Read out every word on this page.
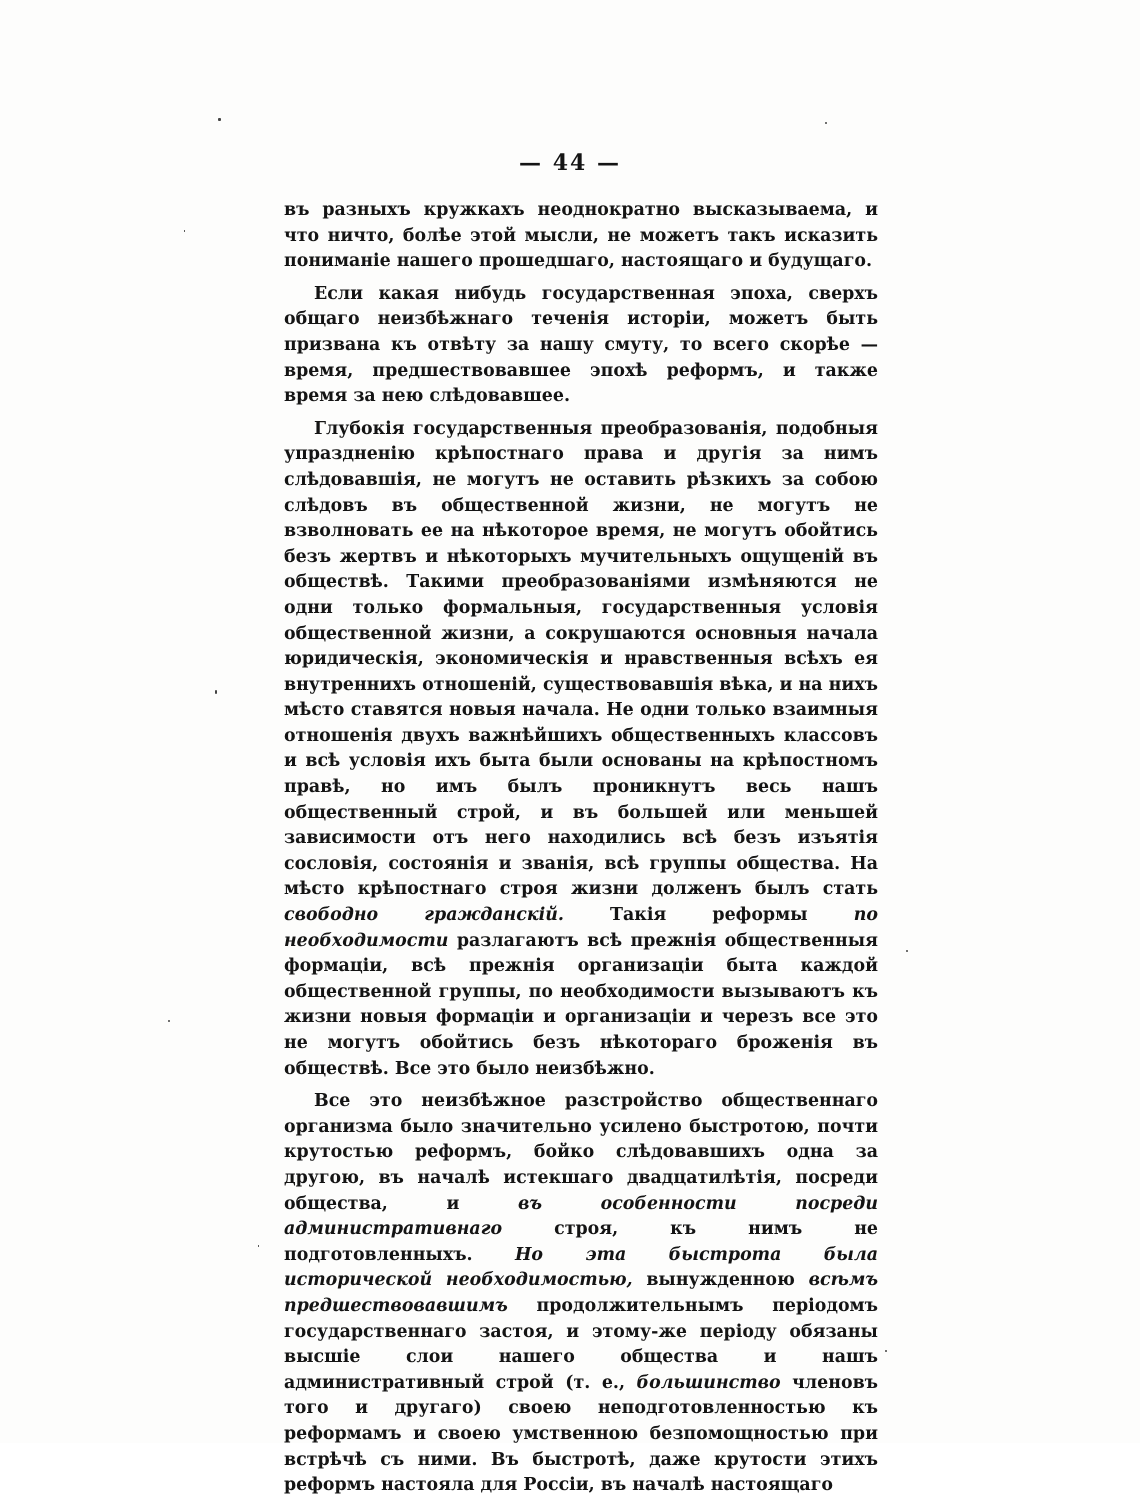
— 44 —

въ разныхъ кружкахъ неоднократно высказываема, и что ничто, болѣе этой мысли, не можетъ такъ исказить пониманіе нашего прошедшаго, настоящаго и будущаго.

Если какая нибудь государственная эпоха, сверхъ общаго неизбѣжнаго теченія исторіи, можетъ быть призвана къ отвѣту за нашу смуту, то всего скорѣе — время, предшествовавшее эпохѣ реформъ, и также время за нею слѣдовавшее.

Глубокія государственныя преобразованія, подобныя упраздненію крѣпостнаго права и другія за нимъ слѣдовавшія, не могутъ не оставить рѣзкихъ за собою слѣдовъ въ общественной жизни, не могутъ не взволновать ее на нѣкоторое время, не могутъ обойтись безъ жертвъ и нѣкоторыхъ мучительныхъ ощущеній въ обществѣ. Такими преобразованіями измѣняются не одни только формальныя, государственныя условія общественной жизни, а сокрушаются основныя начала юридическія, экономическія и нравственныя всѣхъ ея внутреннихъ отношеній, существовавшія вѣка, и на нихъ мѣсто ставятся новыя начала. Не одни только взаимныя отношенія двухъ важнѣйшихъ общественныхъ классовъ и всѣ условія ихъ быта были основаны на крѣпостномъ правѣ, но имъ былъ проникнутъ весь нашъ общественный строй, и въ большей или меньшей зависимости отъ него находились всѣ безъ изъятія сословія, состоянія и званія, всѣ группы общества. На мѣсто крѣпостнаго строя жизни долженъ былъ стать свободно гражданскій. Такія реформы по необходимости разлагаютъ всѣ прежнія общественныя формаціи, всѣ прежнія организаціи быта каждой общественной группы, по необходимости вызываютъ къ жизни новыя формаціи и организаціи и черезъ все это не могутъ обойтись безъ нѣкотораго броженія въ обществѣ. Все это было неизбѣжно.

Все это неизбѣжное разстройство общественнаго организма было значительно усилено быстротою, почти крутостью реформъ, бойко слѣдовавшихъ одна за другою, въ началѣ истекшаго двадцатилѣтія, посреди общества, и въ особенности посреди административнаго строя, къ нимъ не подготовленныхъ. Но эта быстрота была исторической необходимостью, вынужденною всѣмъ предшествовавшимъ продолжительнымъ періодомъ государственнаго застоя, и этому-же періоду обязаны высшіе слои нашего общества и нашъ административный строй (т. е., большинство членовъ того и другаго) своею неподготовленностью къ реформамъ и своею умственною безпомощностью при встрѣчѣ съ ними. Въ быстротѣ, даже крутости этихъ реформъ настояла для Россіи, въ началѣ настоящаго
